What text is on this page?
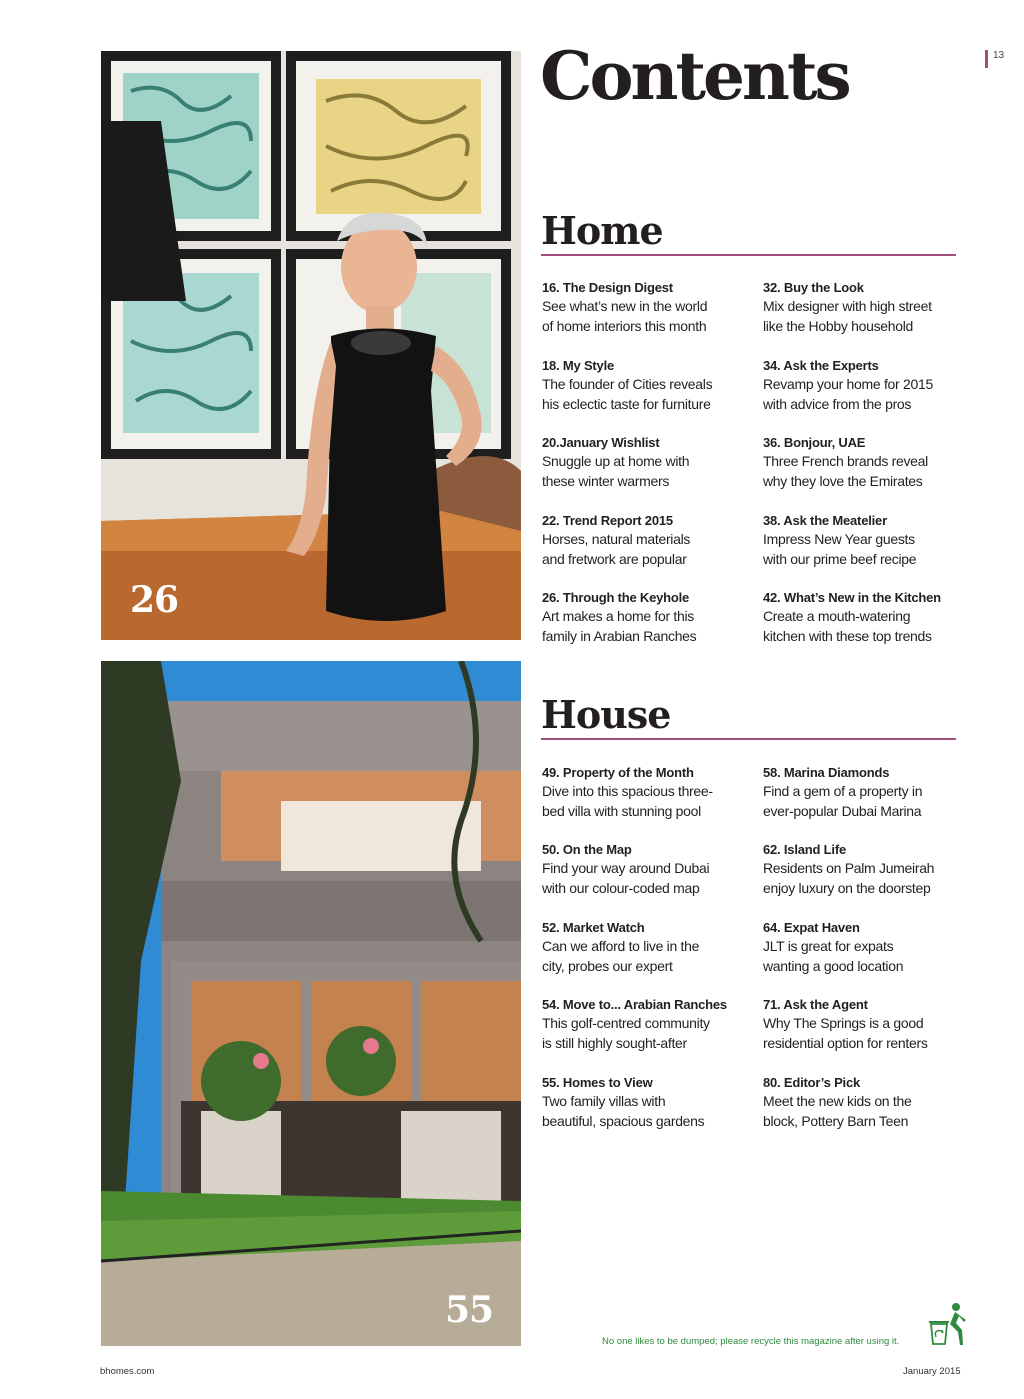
13
26
55
Contents
Home
16. The Design Digest
See what’s new in the world
of home interiors this month
18. My Style
The founder of Cities reveals
his eclectic taste for furniture
20.January Wishlist
Snuggle up at home with
these winter warmers
22. Trend Report 2015
Horses, natural materials
and fretwork are popular
26. Through the Keyhole
Art makes a home for this
family in Arabian Ranches
32. Buy the Look
Mix designer with high street
like the Hobby household
34. Ask the Experts
Revamp your home for 2015
with advice from the pros
36. Bonjour, UAE
Three French brands reveal
why they love the Emirates
38. Ask the Meatelier
Impress New Year guests
with our prime beef recipe
42. What’s New in the Kitchen
Create a mouth-watering
kitchen with these top trends
House
49. Property of the Month
Dive into this spacious three-
bed villa with stunning pool
50. On the Map
Find your way around Dubai
with our colour-coded map
52. Market Watch
Can we afford to live in the
city, probes our expert
54. Move to... Arabian Ranches
This golf-centred community
is still highly sought-after
55. Homes to View
Two family villas with
beautiful, spacious gardens
58. Marina Diamonds
Find a gem of a property in
ever-popular Dubai Marina
62. Island Life
Residents on Palm Jumeirah
enjoy luxury on the doorstep
64. Expat Haven
JLT is great for expats
wanting a good location
71. Ask the Agent
Why The Springs is a good
residential option for renters
80. Editor’s Pick
Meet the new kids on the
block, Pottery Barn Teen
No one likes to be dumped; please recycle this magazine after using it.
bhomes.com	January 2015
